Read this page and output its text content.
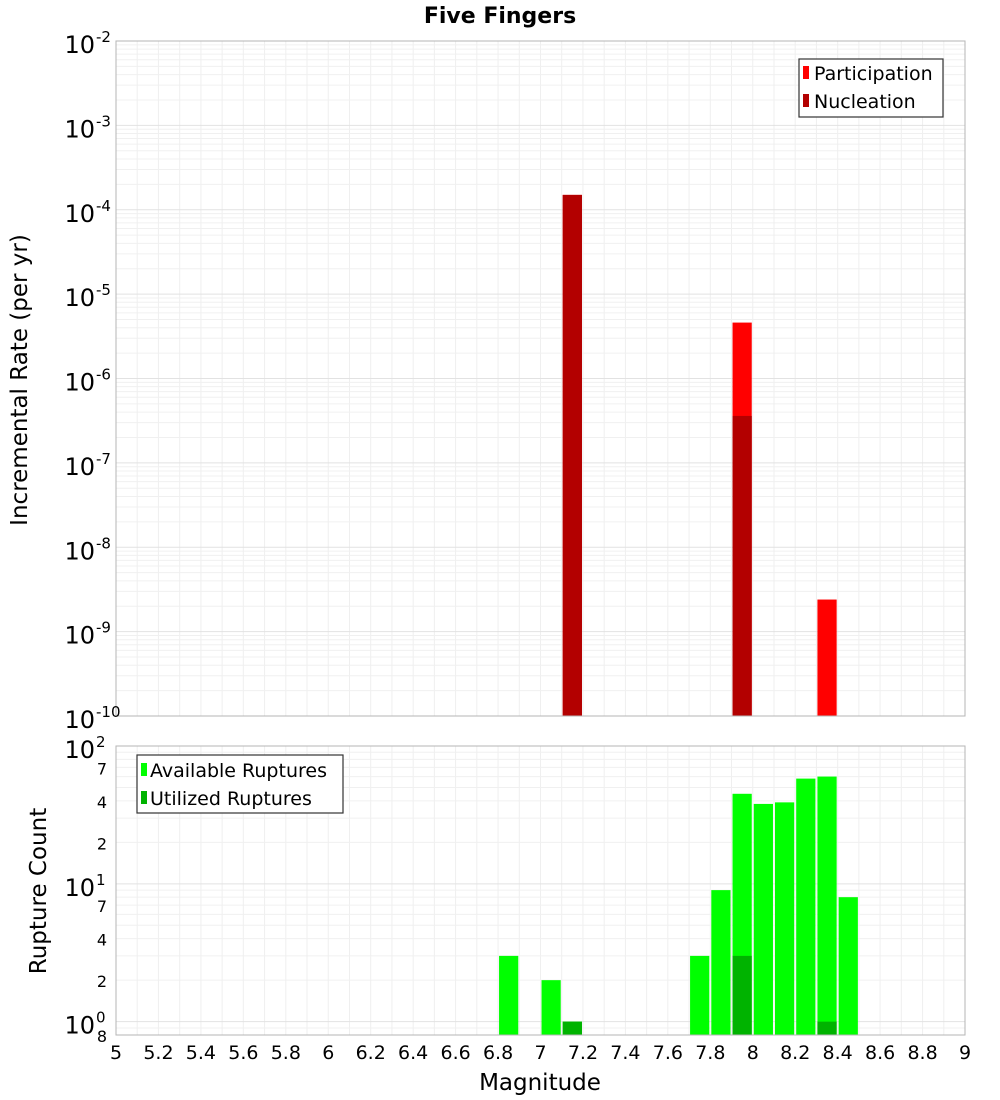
Five Fingers
10 -10
10 -9
10 -8
10 -7
10 -6
10 -5
10 -4
10 -3
10 -2
Incremental Rate (per yr)
Participation
Nucleation
10 0
10 1
10 2
8
2
4
7
2
4
7
5 5.2 5.4 5.6 5.8 6 6.2 6.4 6.6 6.8 7 7.2 7.4 7.6 7.8 8 8.2 8.4 8.6 8.8 9
Rupture Count
Magnitude
Available Ruptures
Utilized Ruptures
